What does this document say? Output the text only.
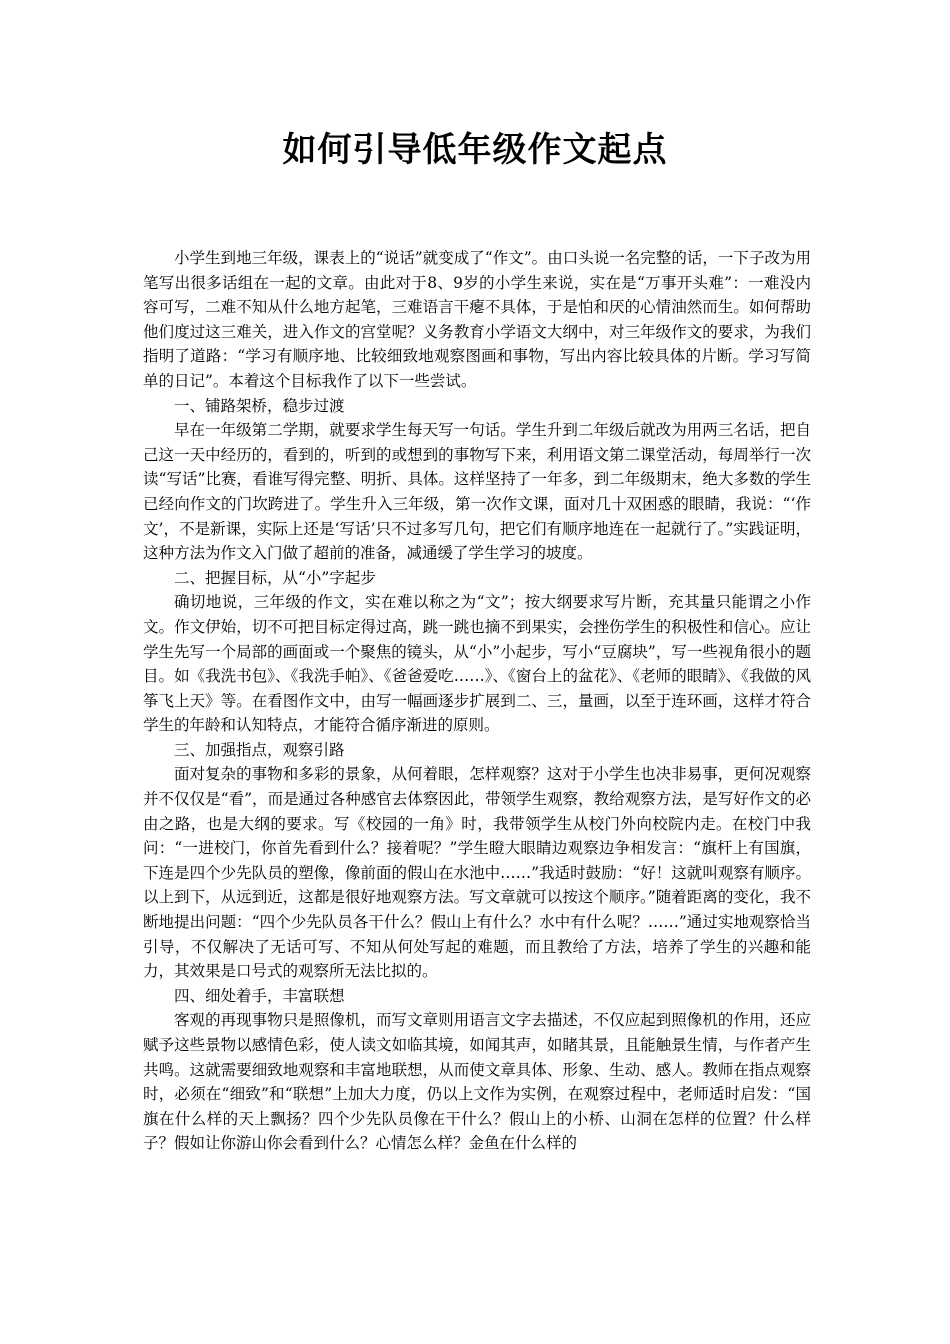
如何引导低年级作文起点

小学生到地三年级，课表上的“说话”就变成了“作文”。由口头说一名完整的话，一下子改为用笔写出很多话组在一起的文章。由此对于8、9岁的小学生来说，实在是“万事开头难”：一难没内容可写，二难不知从什么地方起笔，三难语言干瘪不具体，于是怕和厌的心情油然而生。如何帮助他们度过这三难关，进入作文的宫堂呢？义务教育小学语文大纲中，对三年级作文的要求，为我们指明了道路：“学习有顺序地、比较细致地观察图画和事物，写出内容比较具体的片断。学习写简单的日记”。本着这个目标我作了以下一些尝试。

一、铺路架桥，稳步过渡

早在一年级第二学期，就要求学生每天写一句话。学生升到二年级后就改为用两三名话，把自己这一天中经历的，看到的，听到的或想到的事物写下来，利用语文第二课堂活动，每周举行一次读“写话”比赛，看谁写得完整、明折、具体。这样坚持了一年多，到二年级期末，绝大多数的学生已经向作文的门坎跨进了。学生升入三年级，第一次作文课，面对几十双困惑的眼睛，我说：“‘作文’，不是新课，实际上还是‘写话’只不过多写几句，把它们有顺序地连在一起就行了。”实践证明，这种方法为作文入门做了超前的准备，减通缓了学生学习的坡度。

二、把握目标，从“小”字起步

确切地说，三年级的作文，实在难以称之为“文”；按大纲要求写片断，充其量只能谓之小作文。作文伊始，切不可把目标定得过高，跳一跳也摘不到果实，会挫伤学生的积极性和信心。应让学生先写一个局部的画面或一个聚焦的镜头，从“小”小起步，写小“豆腐块”，写一些视角很小的题目。如《我洗书包》、《我洗手帕》、《爸爸爱吃……》、《窗台上的盆花》、《老师的眼睛》、《我做的风筝飞上天》等。在看图作文中，由写一幅画逐步扩展到二、三，量画，以至于连环画，这样才符合学生的年龄和认知特点，才能符合循序渐进的原则。

三、加强指点，观察引路

面对复杂的事物和多彩的景象，从何着眼，怎样观察？这对于小学生也决非易事，更何况观察并不仅仅是“看”，而是通过各种感官去体察因此，带领学生观察，教给观察方法，是写好作文的必由之路，也是大纲的要求。写《校园的一角》时，我带领学生从校门外向校院内走。在校门中我问：“一进校门，你首先看到什么？接着呢？”学生瞪大眼睛边观察边争相发言：“旗杆上有国旗，下连是四个少先队员的塑像，像前面的假山在水池中……”我适时鼓励：“好！这就叫观察有顺序。以上到下，从远到近，这都是很好地观察方法。写文章就可以按这个顺序。”随着距离的变化，我不断地提出问题：“四个少先队员各干什么？假山上有什么？水中有什么呢？……”通过实地观察恰当引导，不仅解决了无话可写、不知从何处写起的难题，而且教给了方法，培养了学生的兴趣和能力，其效果是口号式的观察所无法比拟的。

四、细处着手，丰富联想

客观的再现事物只是照像机，而写文章则用语言文字去描述，不仅应起到照像机的作用，还应赋予这些景物以感情色彩，使人读文如临其境，如闻其声，如睹其景，且能触景生情，与作者产生共鸣。这就需要细致地观察和丰富地联想，从而使文章具体、形象、生动、感人。教师在指点观察时，必须在“细致”和“联想”上加大力度，仍以上文作为实例，在观察过程中，老师适时启发：“国旗在什么样的天上飘扬？四个少先队员像在干什么？假山上的小桥、山洞在怎样的位置？什么样子？假如让你游山你会看到什么？心情怎么样？金鱼在什么样的
